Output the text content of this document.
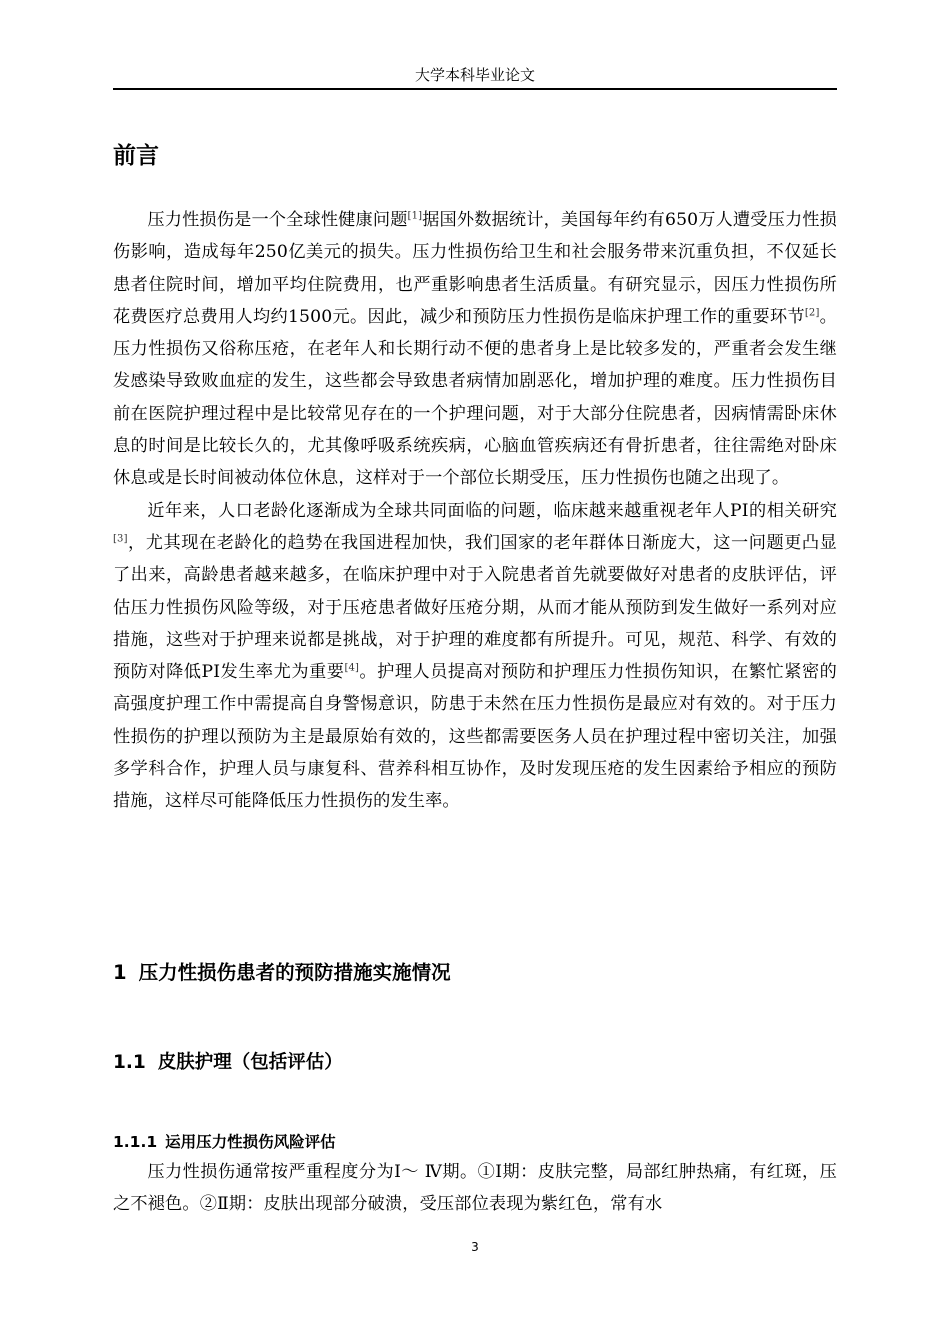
大学本科毕业论文
前言

压力性损伤是一个全球性健康问题[1]据国外数据统计，美国每年约有650万人遭受压力性损伤影响，造成每年250亿美元的损失。压力性损伤给卫生和社会服务带来沉重负担，不仅延长患者住院时间，增加平均住院费用，也严重影响患者生活质量。有研究显示，因压力性损伤所花费医疗总费用人均约1500元。因此，减少和预防压力性损伤是临床护理工作的重要环节[2]。压力性损伤又俗称压疮，在老年人和长期行动不便的患者身上是比较多发的，严重者会发生继发感染导致败血症的发生，这些都会导致患者病情加剧恶化，增加护理的难度。压力性损伤目前在医院护理过程中是比较常见存在的一个护理问题，对于大部分住院患者，因病情需卧床休息的时间是比较长久的，尤其像呼吸系统疾病，心脑血管疾病还有骨折患者，往往需绝对卧床休息或是长时间被动体位休息，这样对于一个部位长期受压，压力性损伤也随之出现了。

近年来，人口老龄化逐渐成为全球共同面临的问题，临床越来越重视老年人PI的相关研究[3]，尤其现在老龄化的趋势在我国进程加快，我们国家的老年群体日渐庞大，这一问题更凸显了出来，高龄患者越来越多，在临床护理中对于入院患者首先就要做好对患者的皮肤评估，评估压力性损伤风险等级，对于压疮患者做好压疮分期，从而才能从预防到发生做好一系列对应措施，这些对于护理来说都是挑战，对于护理的难度都有所提升。可见，规范、科学、有效的预防对降低PI发生率尤为重要[4]。护理人员提高对预防和护理压力性损伤知识，在繁忙紧密的高强度护理工作中需提高自身警惕意识，防患于未然在压力性损伤是最应对有效的。对于压力性损伤的护理以预防为主是最原始有效的，这些都需要医务人员在护理过程中密切关注，加强多学科合作，护理人员与康复科、营养科相互协作，及时发现压疮的发生因素给予相应的预防措施，这样尽可能降低压力性损伤的发生率。

1 压力性损伤患者的预防措施实施情况
1.1 皮肤护理（包括评估）
1.1.1 运用压力性损伤风险评估

压力性损伤通常按严重程度分为Ⅰ～ Ⅳ期。①Ⅰ期：皮肤完整，局部红肿热痛，有红斑，压之不褪色。②Ⅱ期：皮肤出现部分破溃，受压部位表现为紫红色，常有水

3
